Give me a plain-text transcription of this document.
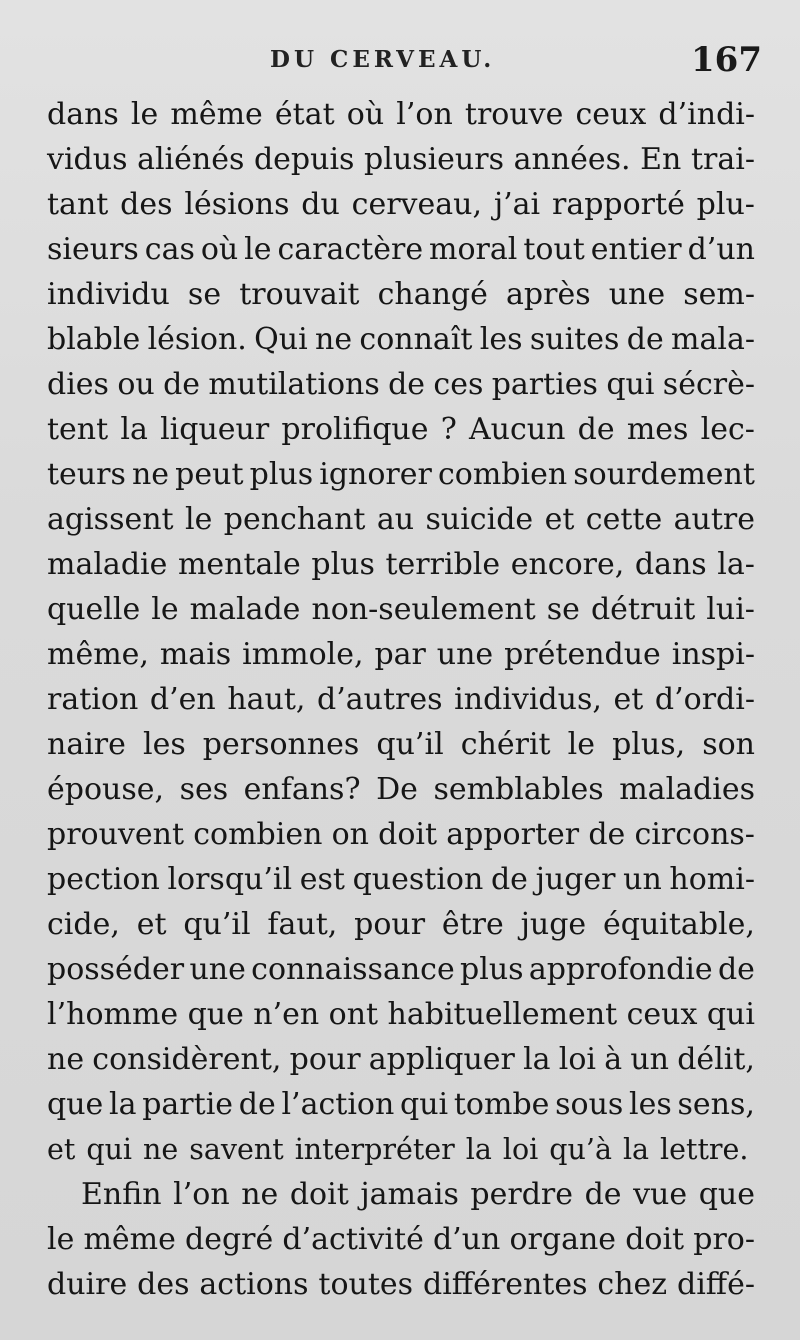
DU CERVEAU.	167
dans le même état où l’on trouve ceux d’indi-
vidus aliénés depuis plusieurs années. En trai-
tant des lésions du cerveau, j’ai rapporté plu-
sieurs cas où le caractère moral tout entier d’un
individu se trouvait changé après une sem-
blable lésion. Qui ne connaît les suites de mala-
dies ou de mutilations de ces parties qui sécrè-
tent la liqueur prolifique ? Aucun de mes lec-
teurs ne peut plus ignorer combien sourdement
agissent le penchant au suicide et cette autre
maladie mentale plus terrible encore, dans la-
quelle le malade non-seulement se détruit lui-
même, mais immole, par une prétendue inspi-
ration d’en haut, d’autres individus, et d’ordi-
naire les personnes qu’il chérit le plus, son
épouse, ses enfans? De semblables maladies
prouvent combien on doit apporter de circons-
pection lorsqu’il est question de juger un homi-
cide, et qu’il faut, pour être juge équitable,
posséder une connaissance plus approfondie de
l’homme que n’en ont habituellement ceux qui
ne considèrent, pour appliquer la loi à un délit,
que la partie de l’action qui tombe sous les sens,
et qui ne savent interpréter la loi qu’à la lettre.
Enfin l’on ne doit jamais perdre de vue que
le même degré d’activité d’un organe doit pro-
duire des actions toutes différentes chez diffé-
